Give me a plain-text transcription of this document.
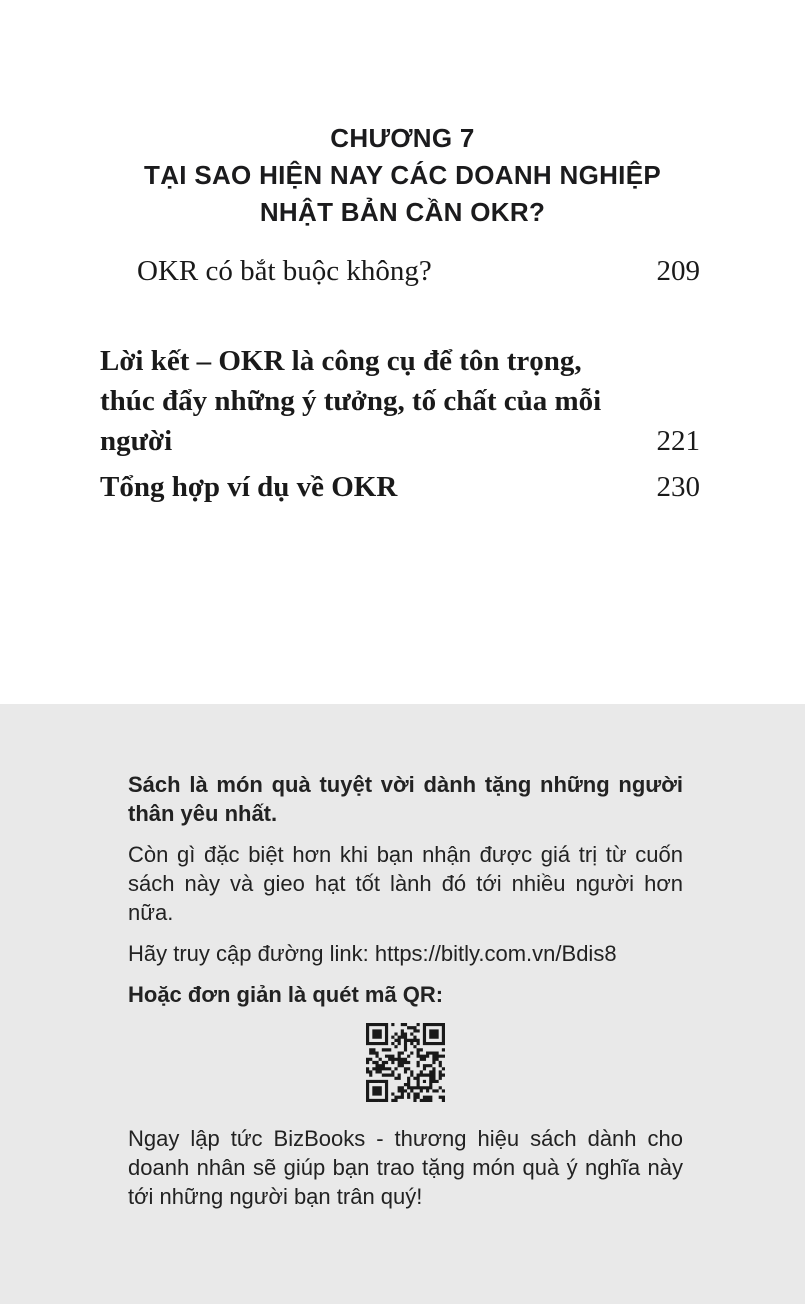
CHƯƠNG 7
TẠI SAO HIỆN NAY CÁC DOANH NGHIỆP
NHẬT BẢN CẦN OKR?
OKR có bắt buộc không?	209
Lời kết – OKR là công cụ để tôn trọng, thúc đẩy những ý tưởng, tố chất của mỗi người	221
Tổng hợp ví dụ về OKR	230

Sách là món quà tuyệt vời dành tặng những người thân yêu nhất.

Còn gì đặc biệt hơn khi bạn nhận được giá trị từ cuốn sách này và gieo hạt tốt lành đó tới nhiều người hơn nữa.

Hãy truy cập đường link: https://bitly.com.vn/Bdis8

Hoặc đơn giản là quét mã QR:

Ngay lập tức BizBooks - thương hiệu sách dành cho doanh nhân sẽ giúp bạn trao tặng món quà ý nghĩa này tới những người bạn trân quý!
